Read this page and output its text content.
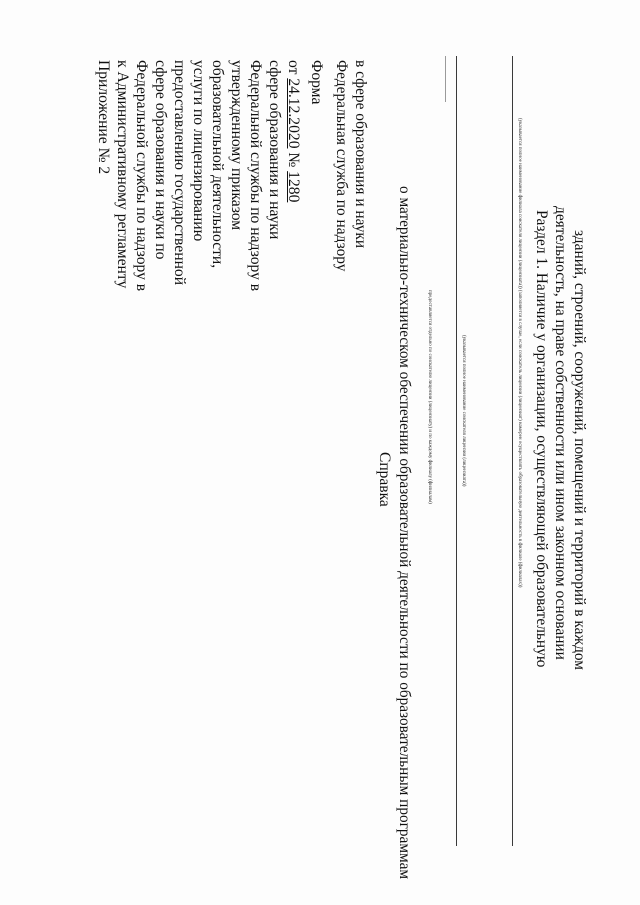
Приложение № 2 к Административному регламенту Федеральной службы по надзору в сфере образования и науки по предоставлению государственной услуги по лицензированию образовательной деятельности, утвержденному приказом Федеральной службы по надзору в сфере образования и науки от 24.12.2020 № 1280
Форма Федеральная служба по надзору в сфере образования и науки
(указывается полное наименование соискателя лицензии (лицензиата))
Справка о материально-техническом обеспечении образовательной деятельности по образовательным программам	предоставляется отдельно по соискателю лицензии (лицензиату) и по каждому филиалу (филиалам)	(указывается полное наименование филиала соискателя лицензии (лицензиата)) (заполняется в случае, если соискатель лицензии (лицензиат) намерен осуществлять образовательную деятельность в филиале (филиалах)) Раздел 1. Наличие у организации, осуществляющей образовательную деятельность, на праве собственности или ином законном основании зданий, строений, сооружений, помещений и территорий в каждом
